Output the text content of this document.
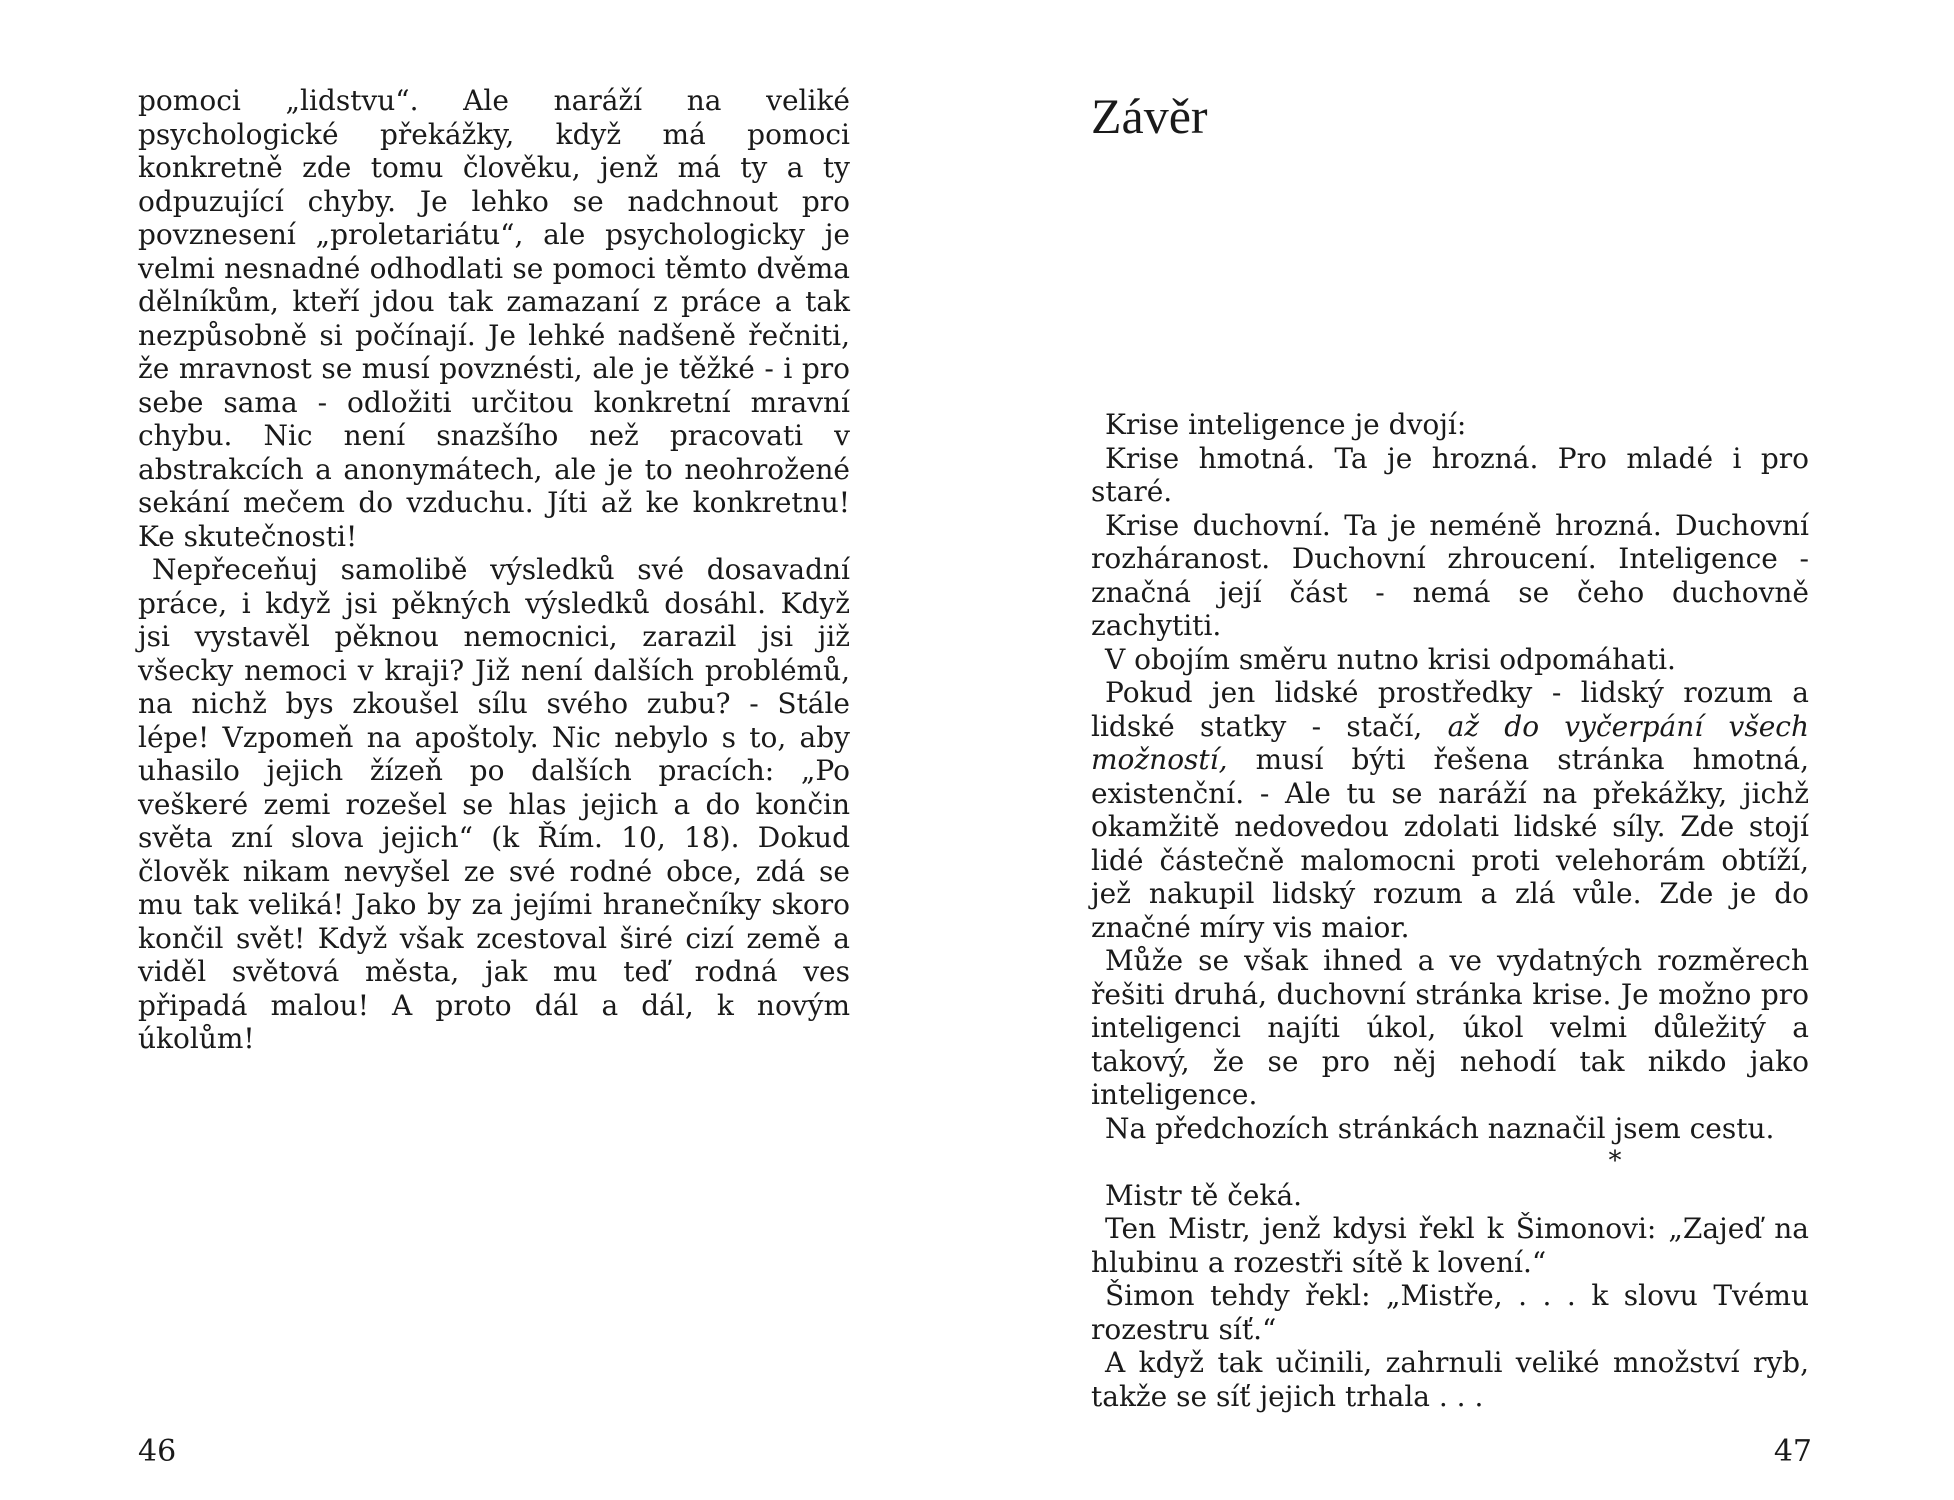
pomoci „lidstvu“. Ale naráží na veliké psychologické překážky, když má pomoci konkretně zde tomu člověku, jenž má ty a ty odpuzující chyby. Je lehko se nadchnout pro povznesení „proletariátu“, ale psychologicky je velmi nesnadné odhodlati se pomoci těmto dvěma dělníkům, kteří jdou tak zamazaní z práce a tak nezpůsobně si počínají. Je lehké nadšeně řečniti, že mravnost se musí povznésti, ale je těžké - i pro sebe sama - odložiti určitou konkretní mravní chybu. Nic není snazšího než pracovati v abstrakcích a anonymátech, ale je to neohrožené sekání mečem do vzduchu. Jíti až ke konkretnu! Ke skutečnosti!

Nepřeceňuj samolibě výsledků své dosavadní práce, i když jsi pěkných výsledků dosáhl. Když jsi vystavěl pěknou nemocnici, zarazil jsi již všecky nemoci v kraji? Již není dalších problémů, na nichž bys zkoušel sílu svého zubu? - Stále lépe! Vzpomeň na apoštoly. Nic nebylo s to, aby uhasilo jejich žízeň po dalších pracích: „Po veškeré zemi rozešel se hlas jejich a do končin světa zní slova jejich“ (k Řím. 10, 18). Dokud člověk nikam nevyšel ze své rodné obce, zdá se mu tak veliká! Jako by za jejími hranečníky skoro končil svět! Když však zcestoval širé cizí země a viděl světová města, jak mu teď rodná ves připadá malou! A proto dál a dál, k novým úkolům!

46

Závěr

Krise inteligence je dvojí:

Krise hmotná. Ta je hrozná. Pro mladé i pro staré.

Krise duchovní. Ta je neméně hrozná. Duchovní rozháranost. Duchovní zhroucení. Inteligence - značná její část - nemá se čeho duchovně zachytiti.

V obojím směru nutno krisi odpomáhati.

Pokud jen lidské prostředky - lidský rozum a lidské statky - stačí, až do vyčerpání všech možností, musí býti řešena stránka hmotná, existenční. - Ale tu se naráží na překážky, jichž okamžitě nedovedou zdolati lidské síly. Zde stojí lidé částečně malomocni proti velehorám obtíží, jež nakupil lidský rozum a zlá vůle. Zde je do značné míry vis maior.

Může se však ihned a ve vydatných rozměrech řešiti druhá, duchovní stránka krise. Je možno pro inteligenci najíti úkol, úkol velmi důležitý a takový, že se pro něj nehodí tak nikdo jako inteligence.

Na předchozích stránkách naznačil jsem cestu.

*

Mistr tě čeká.

Ten Mistr, jenž kdysi řekl k Šimonovi: „Zajeď na hlubinu a rozestři sítě k lovení.“

Šimon tehdy řekl: „Mistře, . . . k slovu Tvému rozestru síť.“

A když tak učinili, zahrnuli veliké množství ryb, takže se síť jejich trhala . . .

47
